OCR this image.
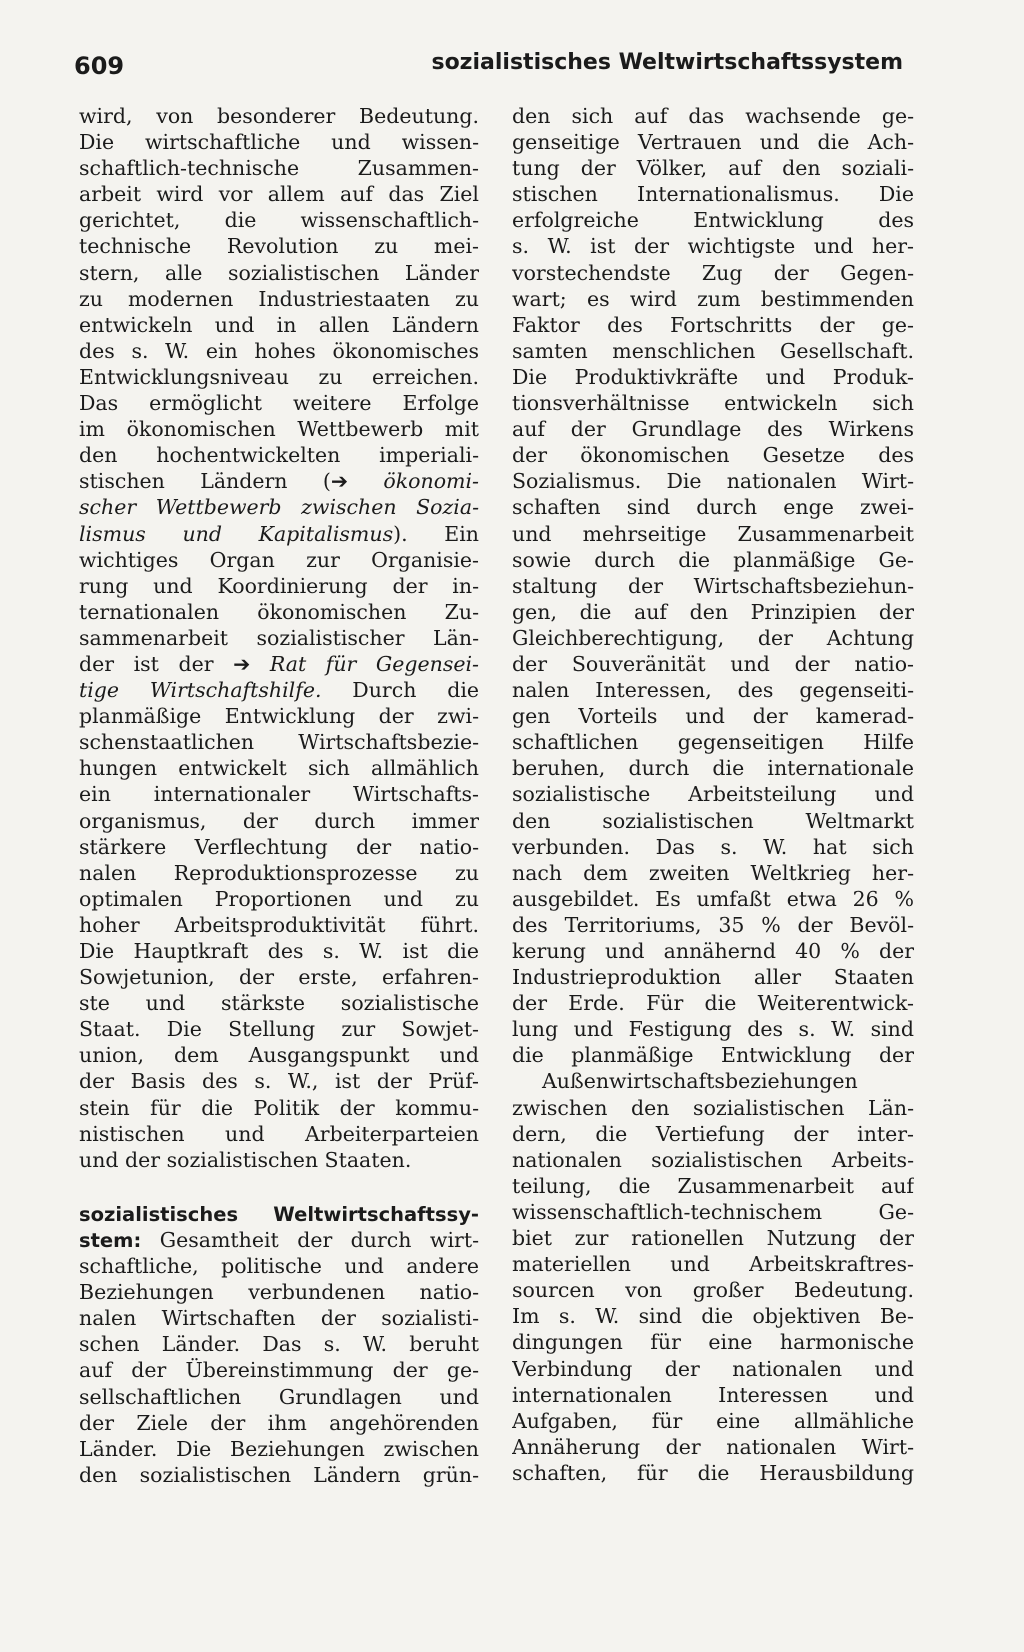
609	sozialistisches Weltwirtschaftssystem
wird, von besonderer Bedeutung.
Die wirtschaftliche und wissen-
schaftlich-technische Zusammen-
arbeit wird vor allem auf das Ziel
gerichtet, die wissenschaftlich-
technische Revolution zu mei-
stern, alle sozialistischen Länder
zu modernen Industriestaaten zu
entwickeln und in allen Ländern
des s. W. ein hohes ökonomisches
Entwicklungsniveau zu erreichen.
Das ermöglicht weitere Erfolge
im ökonomischen Wettbewerb mit
den hochentwickelten imperiali-
stischen Ländern (➔ ökonomi-
scher Wettbewerb zwischen Sozia-
lismus und Kapitalismus). Ein
wichtiges Organ zur Organisie-
rung und Koordinierung der in-
ternationalen ökonomischen Zu-
sammenarbeit sozialistischer Län-
der ist der ➔ Rat für Gegensei-
tige Wirtschaftshilfe. Durch die
planmäßige Entwicklung der zwi-
schenstaatlichen Wirtschaftsbezie-
hungen entwickelt sich allmählich
ein internationaler Wirtschafts-
organismus, der durch immer
stärkere Verflechtung der natio-
nalen Reproduktionsprozesse zu
optimalen Proportionen und zu
hoher Arbeitsproduktivität führt.
Die Hauptkraft des s. W. ist die
Sowjetunion, der erste, erfahren-
ste und stärkste sozialistische
Staat. Die Stellung zur Sowjet-
union, dem Ausgangspunkt und
der Basis des s. W., ist der Prüf-
stein für die Politik der kommu-
nistischen und Arbeiterparteien
und der sozialistischen Staaten.
sozialistisches Weltwirtschaftssy-
stem: Gesamtheit der durch wirt-
schaftliche, politische und andere
Beziehungen verbundenen natio-
nalen Wirtschaften der sozialisti-
schen Länder. Das s. W. beruht
auf der Übereinstimmung der ge-
sellschaftlichen Grundlagen und
der Ziele der ihm angehörenden
Länder. Die Beziehungen zwischen
den sozialistischen Ländern grün-
den sich auf das wachsende ge-
genseitige Vertrauen und die Ach-
tung der Völker, auf den soziali-
stischen Internationalismus. Die
erfolgreiche Entwicklung des
s. W. ist der wichtigste und her-
vorstechendste Zug der Gegen-
wart; es wird zum bestimmenden
Faktor des Fortschritts der ge-
samten menschlichen Gesellschaft.
Die Produktivkräfte und Produk-
tionsverhältnisse entwickeln sich
auf der Grundlage des Wirkens
der ökonomischen Gesetze des
Sozialismus. Die nationalen Wirt-
schaften sind durch enge zwei-
und mehrseitige Zusammenarbeit
sowie durch die planmäßige Ge-
staltung der Wirtschaftsbeziehun-
gen, die auf den Prinzipien der
Gleichberechtigung, der Achtung
der Souveränität und der natio-
nalen Interessen, des gegenseiti-
gen Vorteils und der kamerad-
schaftlichen gegenseitigen Hilfe
beruhen, durch die internationale
sozialistische Arbeitsteilung und
den sozialistischen Weltmarkt
verbunden. Das s. W. hat sich
nach dem zweiten Weltkrieg her-
ausgebildet. Es umfaßt etwa 26 %
des Territoriums, 35 % der Bevöl-
kerung und annähernd 40 % der
Industrieproduktion aller Staaten
der Erde. Für die Weiterentwick-
lung und Festigung des s. W. sind
die planmäßige Entwicklung der
Außenwirtschaftsbeziehungen
zwischen den sozialistischen Län-
dern, die Vertiefung der inter-
nationalen sozialistischen Arbeits-
teilung, die Zusammenarbeit auf
wissenschaftlich-technischem Ge-
biet zur rationellen Nutzung der
materiellen und Arbeitskraftres-
sourcen von großer Bedeutung.
Im s. W. sind die objektiven Be-
dingungen für eine harmonische
Verbindung der nationalen und
internationalen Interessen und
Aufgaben, für eine allmähliche
Annäherung der nationalen Wirt-
schaften, für die Herausbildung
